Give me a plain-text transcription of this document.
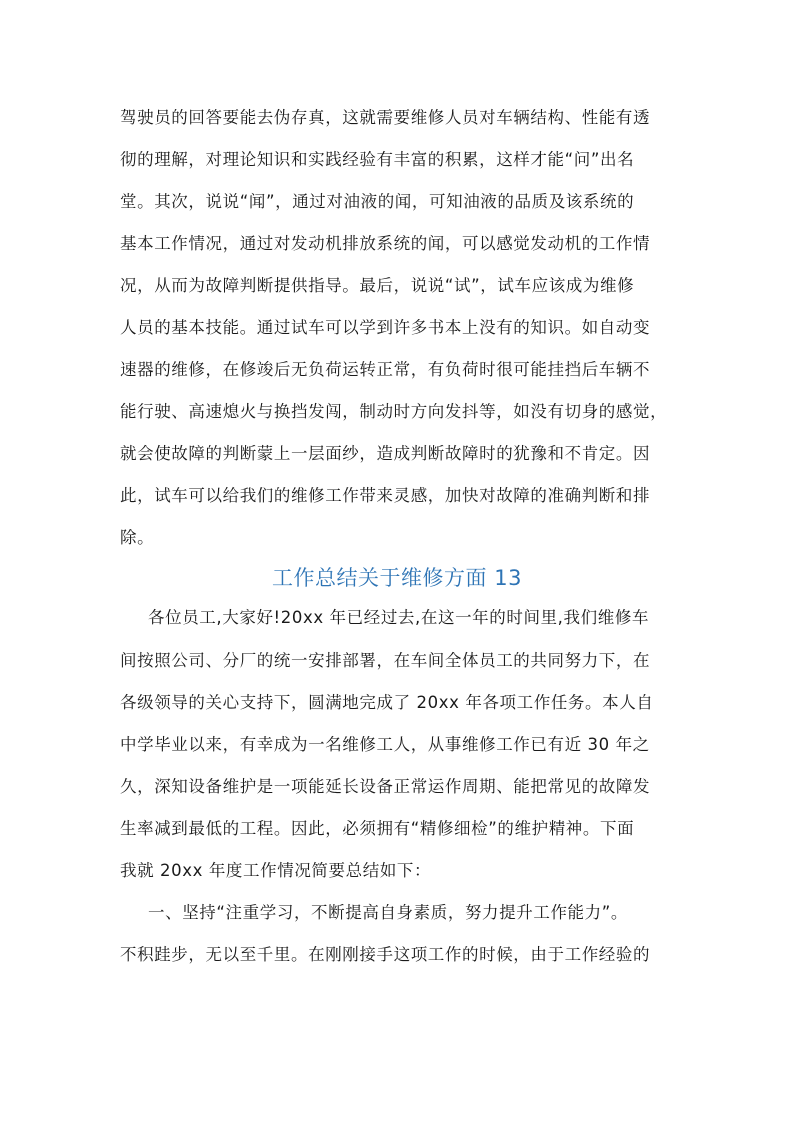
驾驶员的回答要能去伪存真，这就需要维修人员对车辆结构、性能有透
彻的理解，对理论知识和实践经验有丰富的积累，这样才能“问”出名
堂。其次，说说“闻”，通过对油液的闻，可知油液的品质及该系统的
基本工作情况，通过对发动机排放系统的闻，可以感觉发动机的工作情
况，从而为故障判断提供指导。最后，说说“试”，试车应该成为维修
人员的基本技能。通过试车可以学到许多书本上没有的知识。如自动变
速器的维修，在修竣后无负荷运转正常，有负荷时很可能挂挡后车辆不
能行驶、高速熄火与换挡发闯，制动时方向发抖等，如没有切身的感觉，
就会使故障的判断蒙上一层面纱，造成判断故障时的犹豫和不肯定。因
此，试车可以给我们的维修工作带来灵感，加快对故障的准确判断和排
除。
工作总结关于维修方面 13
各位员工,大家好!20xx 年已经过去,在这一年的时间里,我们维修车
间按照公司、分厂的统一安排部署，在车间全体员工的共同努力下，在
各级领导的关心支持下，圆满地完成了 20xx 年各项工作任务。本人自
中学毕业以来，有幸成为一名维修工人，从事维修工作已有近 30 年之
久，深知设备维护是一项能延长设备正常运作周期、能把常见的故障发
生率减到最低的工程。因此，必须拥有“精修细检”的维护精神。下面
我就 20xx 年度工作情况简要总结如下：
一、坚持“注重学习，不断提高自身素质，努力提升工作能力”。
不积跬步，无以至千里。在刚刚接手这项工作的时候，由于工作经验的
